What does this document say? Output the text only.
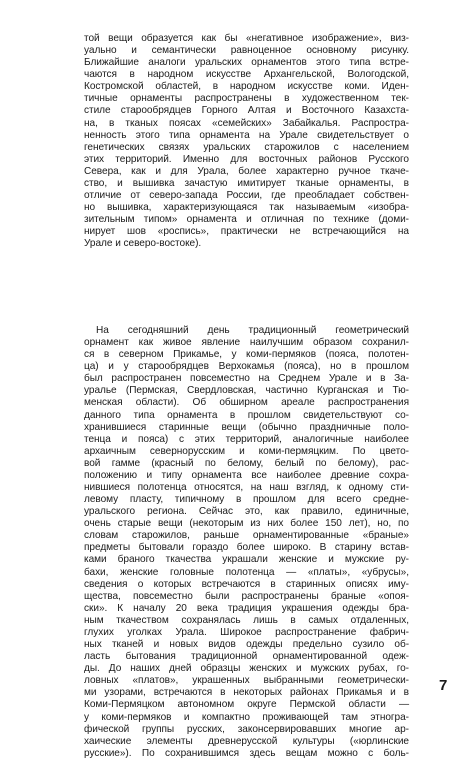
той вещи образуется как бы «негативное изображение», виз-
уально и семантически равноценное основному рисунку.
Ближайшие аналоги уральских орнаментов этого типа встре-
чаются в народном искусстве Архангельской, Вологодской,
Костромской областей, в народном искусстве коми. Иден-
тичные орнаменты распространены в художественном тек-
стиле старообрядцев Горного Алтая и Восточного Казахста-
на, в тканых поясах «семейских» Забайкалья. Распростра-
ненность этого типа орнамента на Урале свидетельствует о
генетических связях уральских старожилов с населением
этих территорий. Именно для восточных районов Русского
Севера, как и для Урала, более характерно ручное ткаче-
ство, и вышивка зачастую имитирует тканые орнаменты, в
отличие от северо-запада России, где преобладает собствен-
но вышивка, характеризующаяся так называемым «изобра-
зительным типом» орнамента и отличная по технике (доми-
нирует шов «роспись», практически не встречающийся на
Урале и северо-востоке).
На сегодняшний день традиционный геометрический
орнамент как живое явление наилучшим образом сохранил-
ся в северном Прикамье, у коми-пермяков (пояса, полотен-
ца) и у старообрядцев Верхокамья (пояса), но в прошлом
был распространен повсеместно на Среднем Урале и в За-
уралье (Пермская, Свердловская, частично Курганская и Тю-
менская области). Об обширном ареале распространения
данного типа орнамента в прошлом свидетельствуют со-
хранившиеся старинные вещи (обычно праздничные поло-
тенца и пояса) с этих территорий, аналогичные наиболее
архаичным севернорусским и коми-пермяцким. По цвето-
вой гамме (красный по белому, белый по белому), рас-
положению и типу орнамента все наиболее древние сохра-
нившиеся полотенца относятся, на наш взгляд, к одному сти-
левому пласту, типичному в прошлом для всего средне-
уральского региона. Сейчас это, как правило, единичные,
очень старые вещи (некоторым из них более 150 лет), но, по
словам старожилов, раньше орнаментированные «браные»
предметы бытовали гораздо более широко. В старину встав-
ками браного ткачества украшали женские и мужские ру-
бахи, женские головные полотенца — «платы», «убрусы»,
сведения о которых встречаются в старинных описях иму-
щества, повсеместно были распространены браные «опоя-
ски». К началу 20 века традиция украшения одежды бра-
ным ткачеством сохранялась лишь в самых отдаленных,
глухих уголках Урала. Широкое распространение фабрич-
ных тканей и новых видов одежды предельно сузило об-
ласть бытования традиционной орнаментированной одеж-
ды. До наших дней образцы женских и мужских рубах, го-
ловных «платов», украшенных выбранными геометрически-
ми узорами, встречаются в некоторых районах Прикамья и в
Коми-Пермяцком автономном округе Пермской области —
у коми-пермяков и компактно проживающей там этногра-
фической группы русских, законсервировавших многие ар-
хаические элементы древнерусской культуры («юрлинские
русские»). По сохранившимся здесь вещам можно с боль-
7
